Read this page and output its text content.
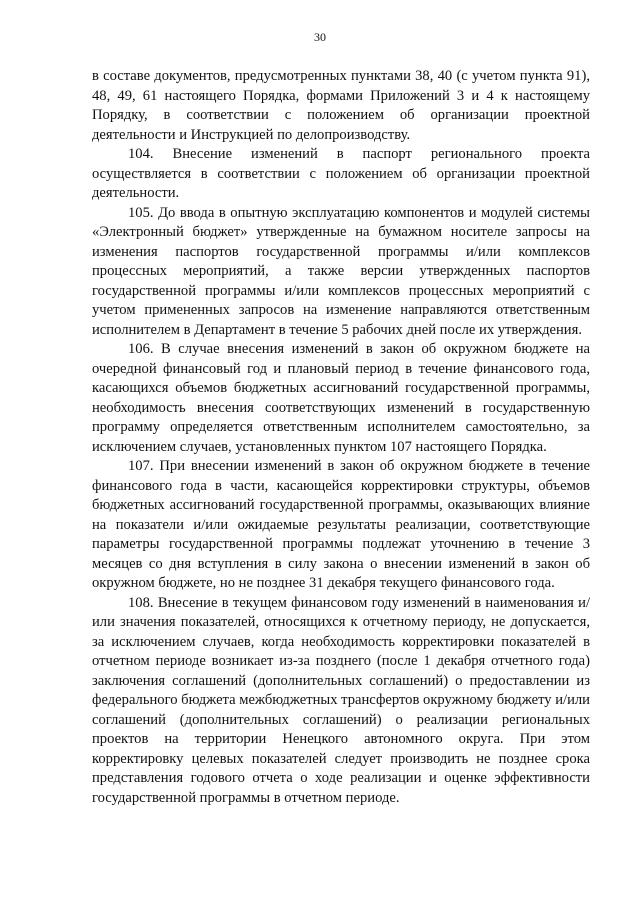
30

в составе документов, предусмотренных пунктами 38, 40 (с учетом пункта 91), 48, 49, 61 настоящего Порядка, формами Приложений 3 и 4 к настоящему Порядку, в соответствии с положением об организации проектной деятельности и Инструкцией по делопроизводству.

104. Внесение изменений в паспорт регионального проекта осуществляется в соответствии с положением об организации проектной деятельности.

105. До ввода в опытную эксплуатацию компонентов и модулей системы «Электронный бюджет» утвержденные на бумажном носителе запросы на изменения паспортов государственной программы и/или комплексов процессных мероприятий, а также версии утвержденных паспортов государственной программы и/или комплексов процессных мероприятий с учетом примененных запросов на изменение направляются ответственным исполнителем в Департамент в течение 5 рабочих дней после их утверждения.

106. В случае внесения изменений в закон об окружном бюджете на очередной финансовый год и плановый период в течение финансового года, касающихся объемов бюджетных ассигнований государственной программы, необходимость внесения соответствующих изменений в государственную программу определяется ответственным исполнителем самостоятельно, за исключением случаев, установленных пунктом 107 настоящего Порядка.

107. При внесении изменений в закон об окружном бюджете в течение финансового года в части, касающейся корректировки структуры, объемов бюджетных ассигнований государственной программы, оказывающих влияние на показатели и/или ожидаемые результаты реализации, соответствующие параметры государственной программы подлежат уточнению в течение 3 месяцев со дня вступления в силу закона о внесении изменений в закон об окружном бюджете, но не позднее 31 декабря текущего финансового года.

108. Внесение в текущем финансовом году изменений в наименования и/или значения показателей, относящихся к отчетному периоду, не допускается, за исключением случаев, когда необходимость корректировки показателей в отчетном периоде возникает из-за позднего (после 1 декабря отчетного года) заключения соглашений (дополнительных соглашений) о предоставлении из федерального бюджета межбюджетных трансфертов окружному бюджету и/или соглашений (дополнительных соглашений) о реализации региональных проектов на территории Ненецкого автономного округа. При этом корректировку целевых показателей следует производить не позднее срока представления годового отчета о ходе реализации и оценке эффективности государственной программы в отчетном периоде.
